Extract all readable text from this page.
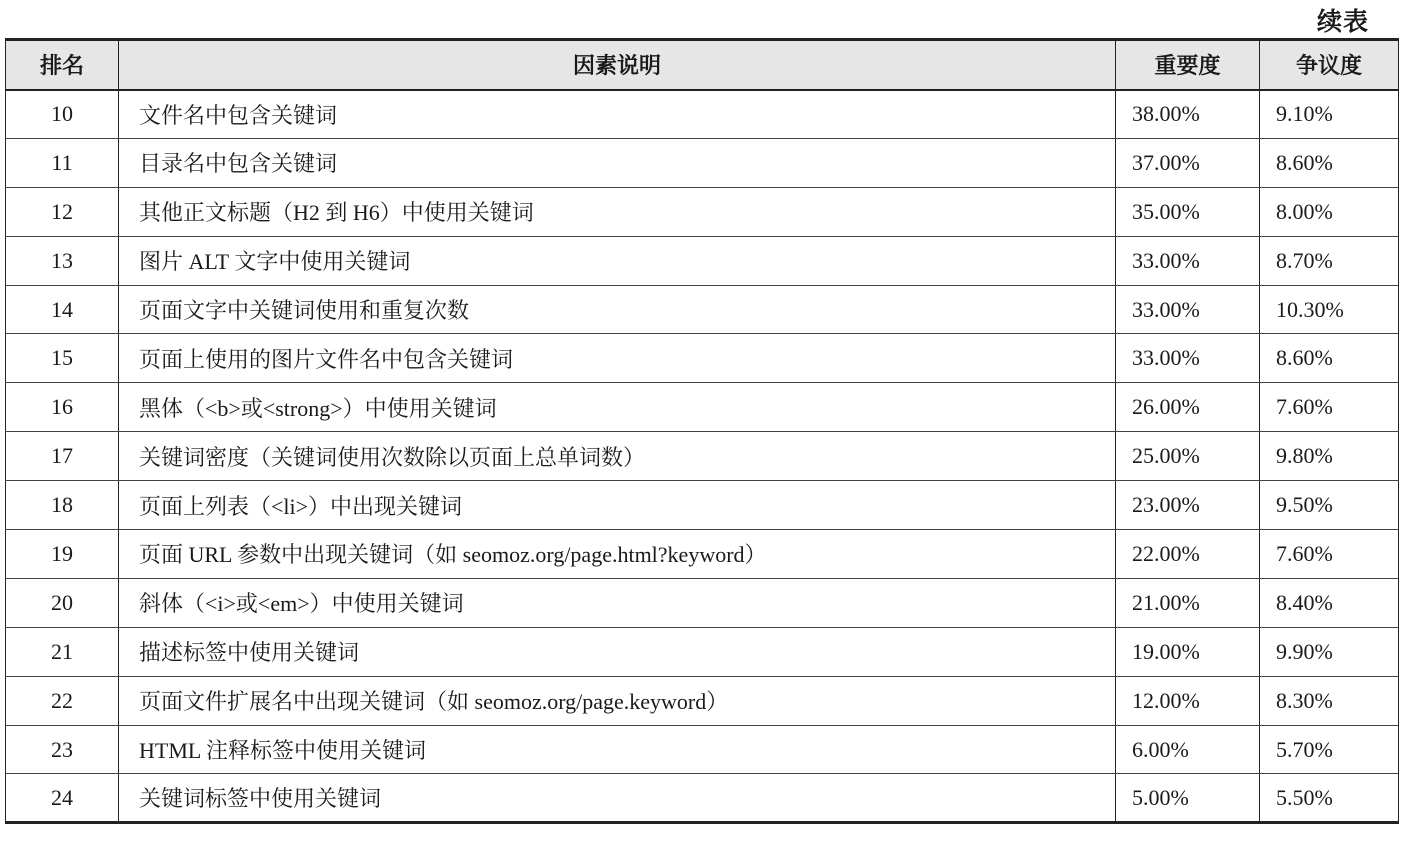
续表
排名	因素说明	重要度	争议度
10	文件名中包含关键词	38.00%	9.10%
11	目录名中包含关键词	37.00%	8.60%
12	其他正文标题（H2 到 H6）中使用关键词	35.00%	8.00%
13	图片 ALT 文字中使用关键词	33.00%	8.70%
14	页面文字中关键词使用和重复次数	33.00%	10.30%
15	页面上使用的图片文件名中包含关键词	33.00%	8.60%
16	黑体（<b>或<strong>）中使用关键词	26.00%	7.60%
17	关键词密度（关键词使用次数除以页面上总单词数）	25.00%	9.80%
18	页面上列表（<li>）中出现关键词	23.00%	9.50%
19	页面 URL 参数中出现关键词（如 seomoz.org/page.html?keyword）	22.00%	7.60%
20	斜体（<i>或<em>）中使用关键词	21.00%	8.40%
21	描述标签中使用关键词	19.00%	9.90%
22	页面文件扩展名中出现关键词（如 seomoz.org/page.keyword）	12.00%	8.30%
23	HTML 注释标签中使用关键词	6.00%	5.70%
24	关键词标签中使用关键词	5.00%	5.50%
